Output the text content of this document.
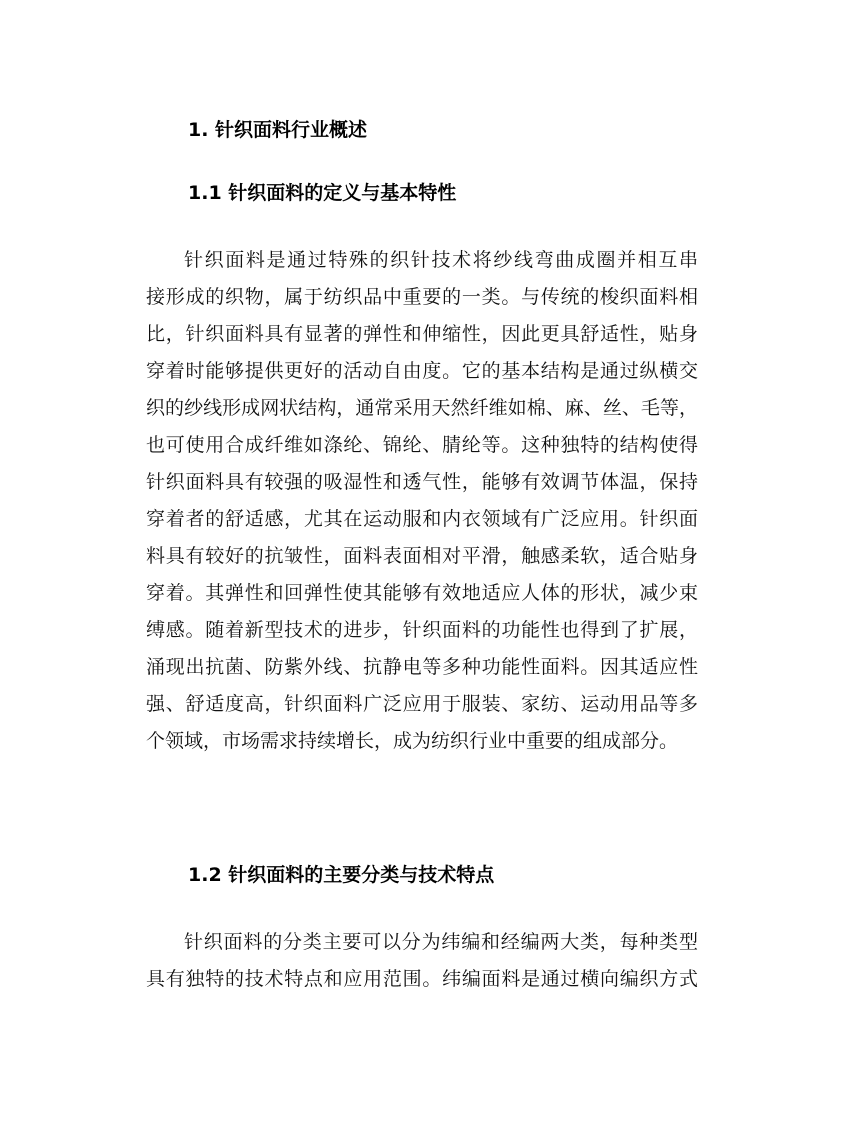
1. 针织面料行业概述
1.1 针织面料的定义与基本特性
针织面料是通过特殊的织针技术将纱线弯曲成圈并相互串
接形成的织物，属于纺织品中重要的一类。与传统的梭织面料相
比，针织面料具有显著的弹性和伸缩性，因此更具舒适性，贴身
穿着时能够提供更好的活动自由度。它的基本结构是通过纵横交
织的纱线形成网状结构，通常采用天然纤维如棉、麻、丝、毛等，
也可使用合成纤维如涤纶、锦纶、腈纶等。这种独特的结构使得
针织面料具有较强的吸湿性和透气性，能够有效调节体温，保持
穿着者的舒适感，尤其在运动服和内衣领域有广泛应用。针织面
料具有较好的抗皱性，面料表面相对平滑，触感柔软，适合贴身
穿着。其弹性和回弹性使其能够有效地适应人体的形状，减少束
缚感。随着新型技术的进步，针织面料的功能性也得到了扩展，
涌现出抗菌、防紫外线、抗静电等多种功能性面料。因其适应性
强、舒适度高，针织面料广泛应用于服装、家纺、运动用品等多
个领域，市场需求持续增长，成为纺织行业中重要的组成部分。
1.2 针织面料的主要分类与技术特点
针织面料的分类主要可以分为纬编和经编两大类，每种类型
具有独特的技术特点和应用范围。纬编面料是通过横向编织方式
